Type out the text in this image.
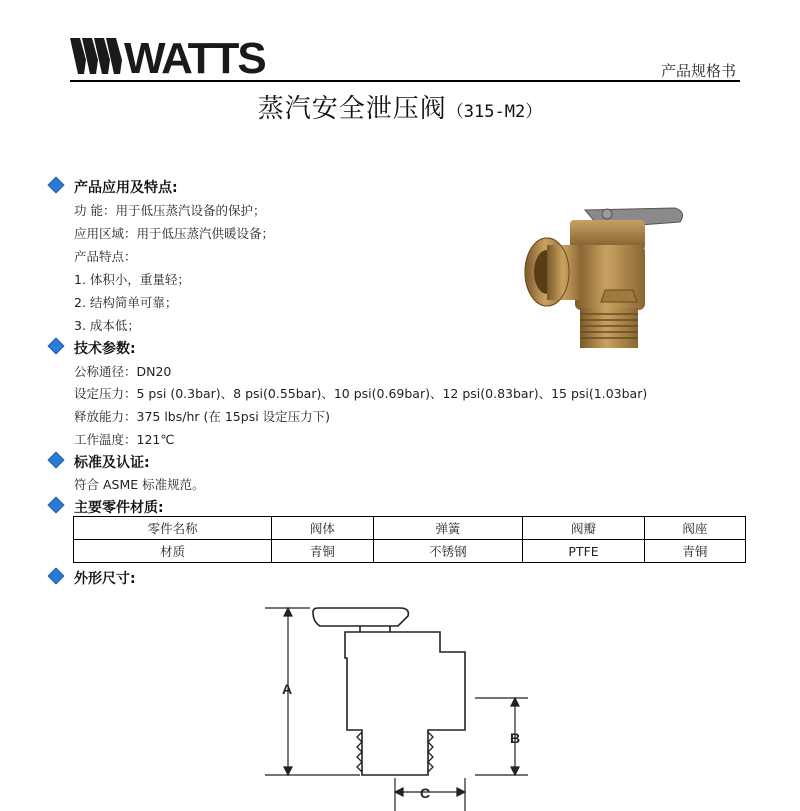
WATTS	产品规格书
蒸汽安全泄压阀（315-M2）
产品应用及特点:
功 能：用于低压蒸汽设备的保护；
应用区域：用于低压蒸汽供暖设备；
产品特点：
1. 体积小，重量轻；
2. 结构简单可靠；
3. 成本低；
技术参数:
公称通径：DN20
设定压力：5 psi (0.3bar)、8 psi(0.55bar)、10 psi(0.69bar)、12 psi(0.83bar)、15 psi(1.03bar)
释放能力：375 lbs/hr (在 15psi 设定压力下)
工作温度：121℃
标准及认证:
符合 ASME 标准规范。
主要零件材质:
零件名称	阀体	弹簧	阀瓣	阀座
材质	青铜	不锈钢	PTFE	青铜
外形尺寸:
A
B
C
